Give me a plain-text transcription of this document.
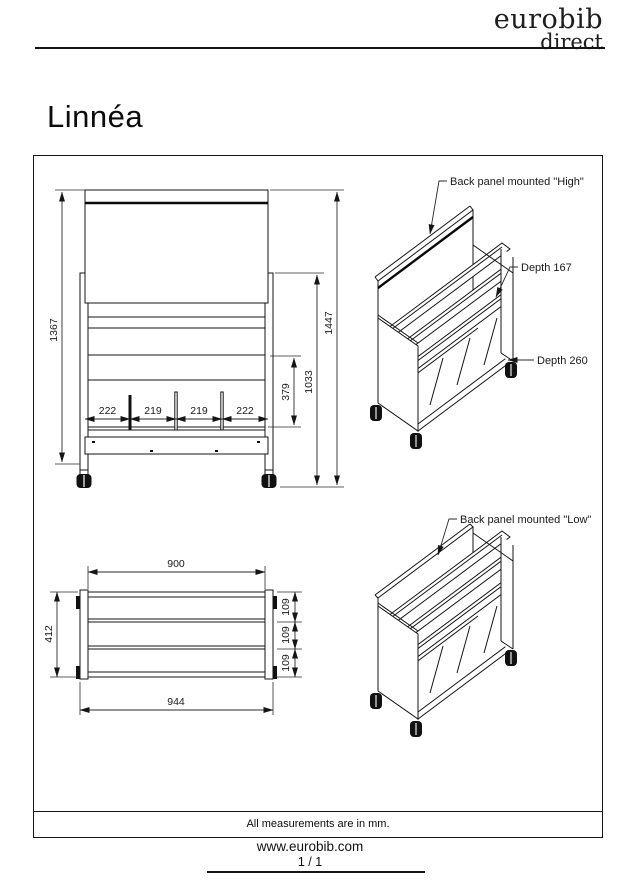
eurobib
direct
Linnéa
1367	1447
1033
379
222	219	219	222
900
944
412
109
109
109
Back panel mounted "High"
Depth 167
Depth 260
Back panel mounted "Low"
All measurements are in mm.
www.eurobib.com
1 / 1
